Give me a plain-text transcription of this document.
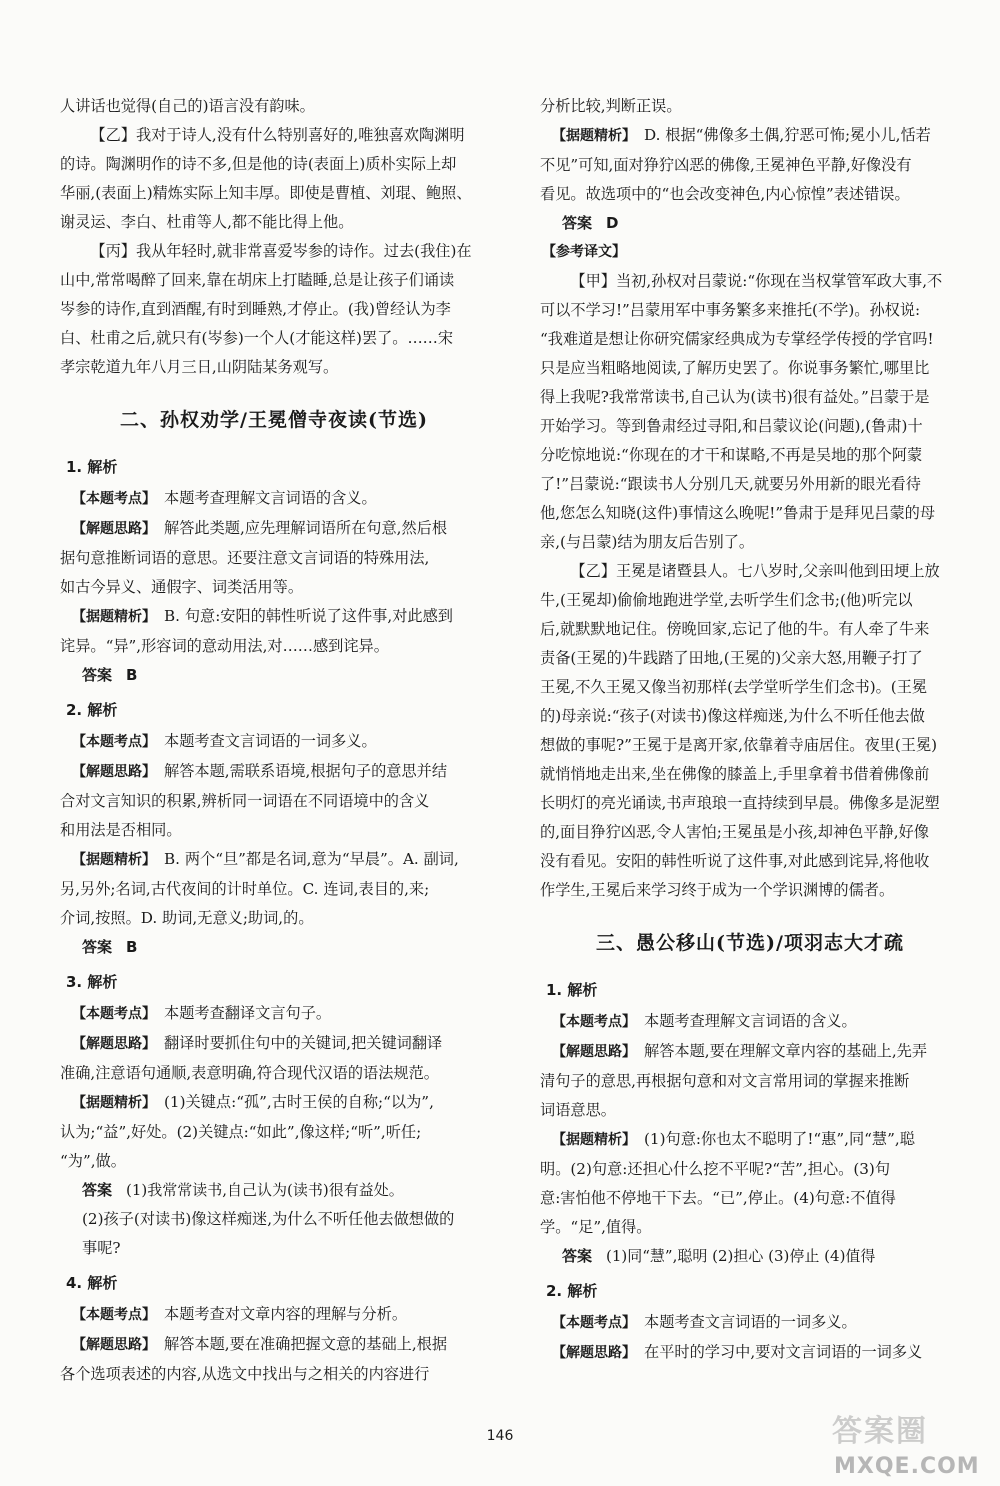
人讲话也觉得(自己的)语言没有韵味。
【乙】我对于诗人,没有什么特别喜好的,唯独喜欢陶渊明
的诗。陶渊明作的诗不多,但是他的诗(表面上)质朴实际上却
华丽,(表面上)精炼实际上知丰厚。即使是曹植、刘琨、鲍照、
谢灵运、李白、杜甫等人,都不能比得上他。
【丙】我从年轻时,就非常喜爱岑参的诗作。过去(我住)在
山中,常常喝醉了回来,靠在胡床上打瞌睡,总是让孩子们诵读
岑参的诗作,直到酒醒,有时到睡熟,才停止。(我)曾经认为李
白、杜甫之后,就只有(岑参)一个人(才能这样)罢了。……宋
孝宗乾道九年八月三日,山阴陆某务观写。
二、孙权劝学/王冕僧寺夜读(节选)
1. 解析
【本题考点】 本题考查理解文言词语的含义。
【解题思路】 解答此类题,应先理解词语所在句意,然后根
据句意推断词语的意思。还要注意文言词语的特殊用法,
如古今异义、通假字、词类活用等。
【据题精析】 B. 句意:安阳的韩性听说了这件事,对此感到
诧异。“异”,形容词的意动用法,对……感到诧异。
答案 B
2. 解析
【本题考点】 本题考查文言词语的一词多义。
【解题思路】 解答本题,需联系语境,根据句子的意思并结
合对文言知识的积累,辨析同一词语在不同语境中的含义
和用法是否相同。
【据题精析】 B. 两个“旦”都是名词,意为“早晨”。A. 副词,
另,另外;名词,古代夜间的计时单位。C. 连词,表目的,来;
介词,按照。D. 助词,无意义;助词,的。
答案 B
3. 解析
【本题考点】 本题考查翻译文言句子。
【解题思路】 翻译时要抓住句中的关键词,把关键词翻译
准确,注意语句通顺,表意明确,符合现代汉语的语法规范。
【据题精析】 (1)关键点:“孤”,古时王侯的自称;“以为”,
认为;“益”,好处。(2)关键点:“如此”,像这样;“听”,听任;
“为”,做。
答案 (1)我常常读书,自己认为(读书)很有益处。
(2)孩子(对读书)像这样痴迷,为什么不听任他去做想做的
事呢?
4. 解析
【本题考点】 本题考查对文章内容的理解与分析。
【解题思路】 解答本题,要在准确把握文意的基础上,根据
各个选项表述的内容,从选文中找出与之相关的内容进行
分析比较,判断正误。
【据题精析】 D. 根据“佛像多土偶,狞恶可怖;冕小儿,恬若
不见”可知,面对狰狞凶恶的佛像,王冕神色平静,好像没有
看见。故选项中的“也会改变神色,内心惊惶”表述错误。
答案 D
【参考译文】
【甲】当初,孙权对吕蒙说:“你现在当权掌管军政大事,不
可以不学习!”吕蒙用军中事务繁多来推托(不学)。孙权说:
“我难道是想让你研究儒家经典成为专掌经学传授的学官吗!
只是应当粗略地阅读,了解历史罢了。你说事务繁忙,哪里比
得上我呢?我常常读书,自己认为(读书)很有益处。”吕蒙于是
开始学习。等到鲁肃经过寻阳,和吕蒙议论(问题),(鲁肃)十
分吃惊地说:“你现在的才干和谋略,不再是吴地的那个阿蒙
了!”吕蒙说:“跟读书人分别几天,就要另外用新的眼光看待
他,您怎么知晓(这件)事情这么晚呢!”鲁肃于是拜见吕蒙的母
亲,(与吕蒙)结为朋友后告别了。
【乙】王冕是诸暨县人。七八岁时,父亲叫他到田埂上放
牛,(王冕却)偷偷地跑进学堂,去听学生们念书;(他)听完以
后,就默默地记住。傍晚回家,忘记了他的牛。有人牵了牛来
责备(王冕的)牛践踏了田地,(王冕的)父亲大怒,用鞭子打了
王冕,不久王冕又像当初那样(去学堂听学生们念书)。(王冕
的)母亲说:“孩子(对读书)像这样痴迷,为什么不听任他去做
想做的事呢?”王冕于是离开家,依靠着寺庙居住。夜里(王冕)
就悄悄地走出来,坐在佛像的膝盖上,手里拿着书借着佛像前
长明灯的亮光诵读,书声琅琅一直持续到早晨。佛像多是泥塑
的,面目狰狞凶恶,令人害怕;王冕虽是小孩,却神色平静,好像
没有看见。安阳的韩性听说了这件事,对此感到诧异,将他收
作学生,王冕后来学习终于成为一个学识渊博的儒者。
三、愚公移山(节选)/项羽志大才疏
1. 解析
【本题考点】 本题考查理解文言词语的含义。
【解题思路】 解答本题,要在理解文章内容的基础上,先弄
清句子的意思,再根据句意和对文言常用词的掌握来推断
词语意思。
【据题精析】 (1)句意:你也太不聪明了!“惠”,同“慧”,聪
明。(2)句意:还担心什么挖不平呢?“苦”,担心。(3)句
意:害怕他不停地干下去。“已”,停止。(4)句意:不值得
学。“足”,值得。
答案 (1)同“慧”,聪明 (2)担心 (3)停止 (4)值得
2. 解析
【本题考点】 本题考查文言词语的一词多义。
【解题思路】 在平时的学习中,要对文言词语的一词多义
146	答案圈
MXQE.COM
